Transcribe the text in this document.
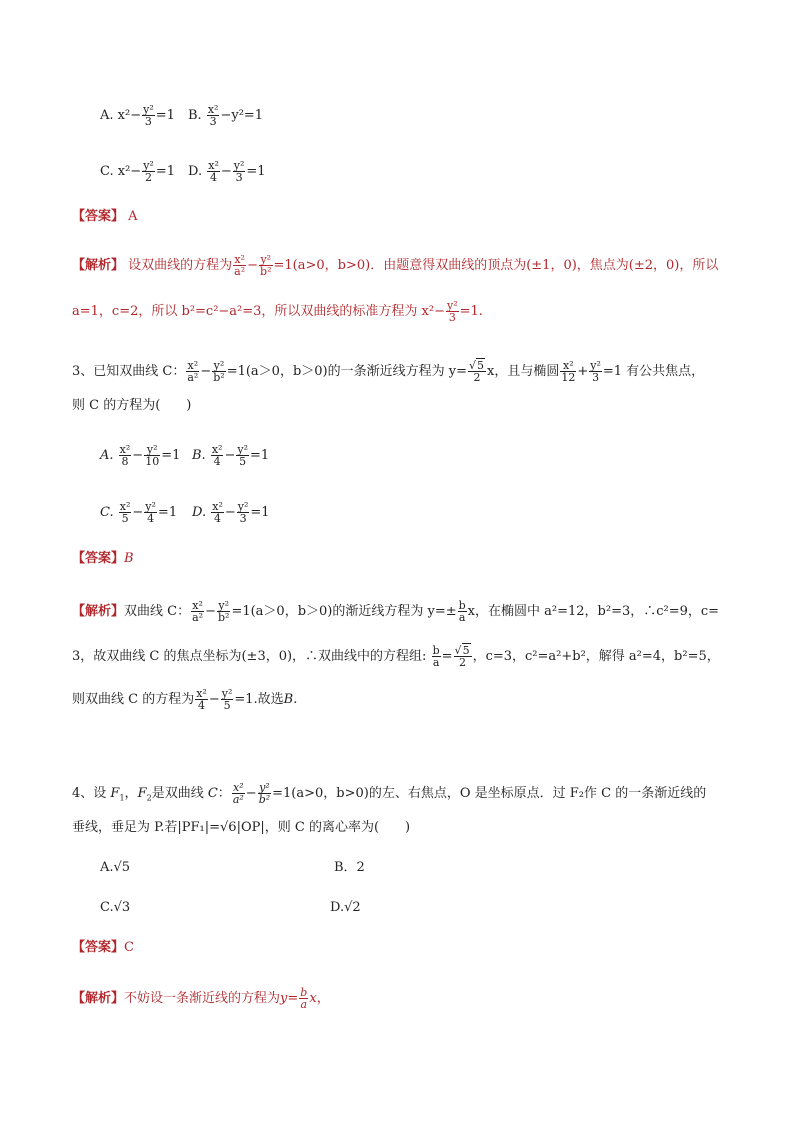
A. $x^2- \frac{\text{y²}}{3} =1$ B. $\frac{\text{x²}}{3} -y^2=1$
C. $x^2- \frac{\text{y²}}{2} =1$ D. $\frac{\text{x²}}{4} - \frac{\text{y²}}{3} =1$
【答案】 A
【解析】 设双曲线的方程为 $\frac{\text{x²}}{\text{a²}} - \frac{\text{y²}}{\text{b²}} =1(a>0$，b>0)．由题意得双曲线的顶点为(±1，0)，焦点为(±2，0)，所以
a=1，c=2，所以 b²=c²−a²=3，所以双曲线的标准方程为 $x^2- \frac{\text{y²}}{3} =1$.
3、已知双曲线 C： $\frac{\text{x²}}{\text{a²}} - \frac{\text{y²}}{\text{b²}} =1(a>0$，b＞0)的一条渐近线方程为 $y= \frac{√5}{2}$ x，且与椭圆 $\frac{\text{x²}}{12} + \frac{\text{y²}}{3} =1$ 有公共焦点，
则 C 的方程为(　　)
A. $\frac{\text{x²}}{8} - \frac{\text{y²}}{10} =1$ B. $\frac{\text{x²}}{4} - \frac{\text{y²}}{5} =1$
C. $\frac{\text{x²}}{5} - \frac{\text{y²}}{4} =1$ D. $\frac{\text{x²}}{4} - \frac{\text{y²}}{3} =1$
【答案】B
【解析】双曲线 C： $\frac{\text{x²}}{\text{a²}} - \frac{\text{y²}}{\text{b²}} =1(a>0$，b＞0)的渐近线方程为 $y=\pm \frac{b}{a}$ x，在椭圆中 a²=12，b²=3，∴c²=9，c=
3，故双曲线 C 的焦点坐标为(±3，0)，∴双曲线中的方程组: $\frac{b}{a} = \frac{√5}{2}$ ，c=3，c²=a²+b²，解得 a²=4，b²=5，
则双曲线 C 的方程为 $\frac{\text{x²}}{4} - \frac{\text{y²}}{5} =1$.故选B.
4、设 $F_1$，$F_2$是双曲线 C： $\frac{\text{x²}}{\text{a²}} - \frac{\text{y²}}{\text{b²}} =1(a>0$，b>0)的左、右焦点，O 是坐标原点．过 F₂作 C 的一条渐近线的
垂线，垂足为 P.若|PF₁|=√6|OP|，则 C 的离心率为(　　)
A.√5	B．2
C.√3	D.√2
【答案】C
【解析】不妨设一条渐近线的方程为$y= \frac{b}{a}$ x，
